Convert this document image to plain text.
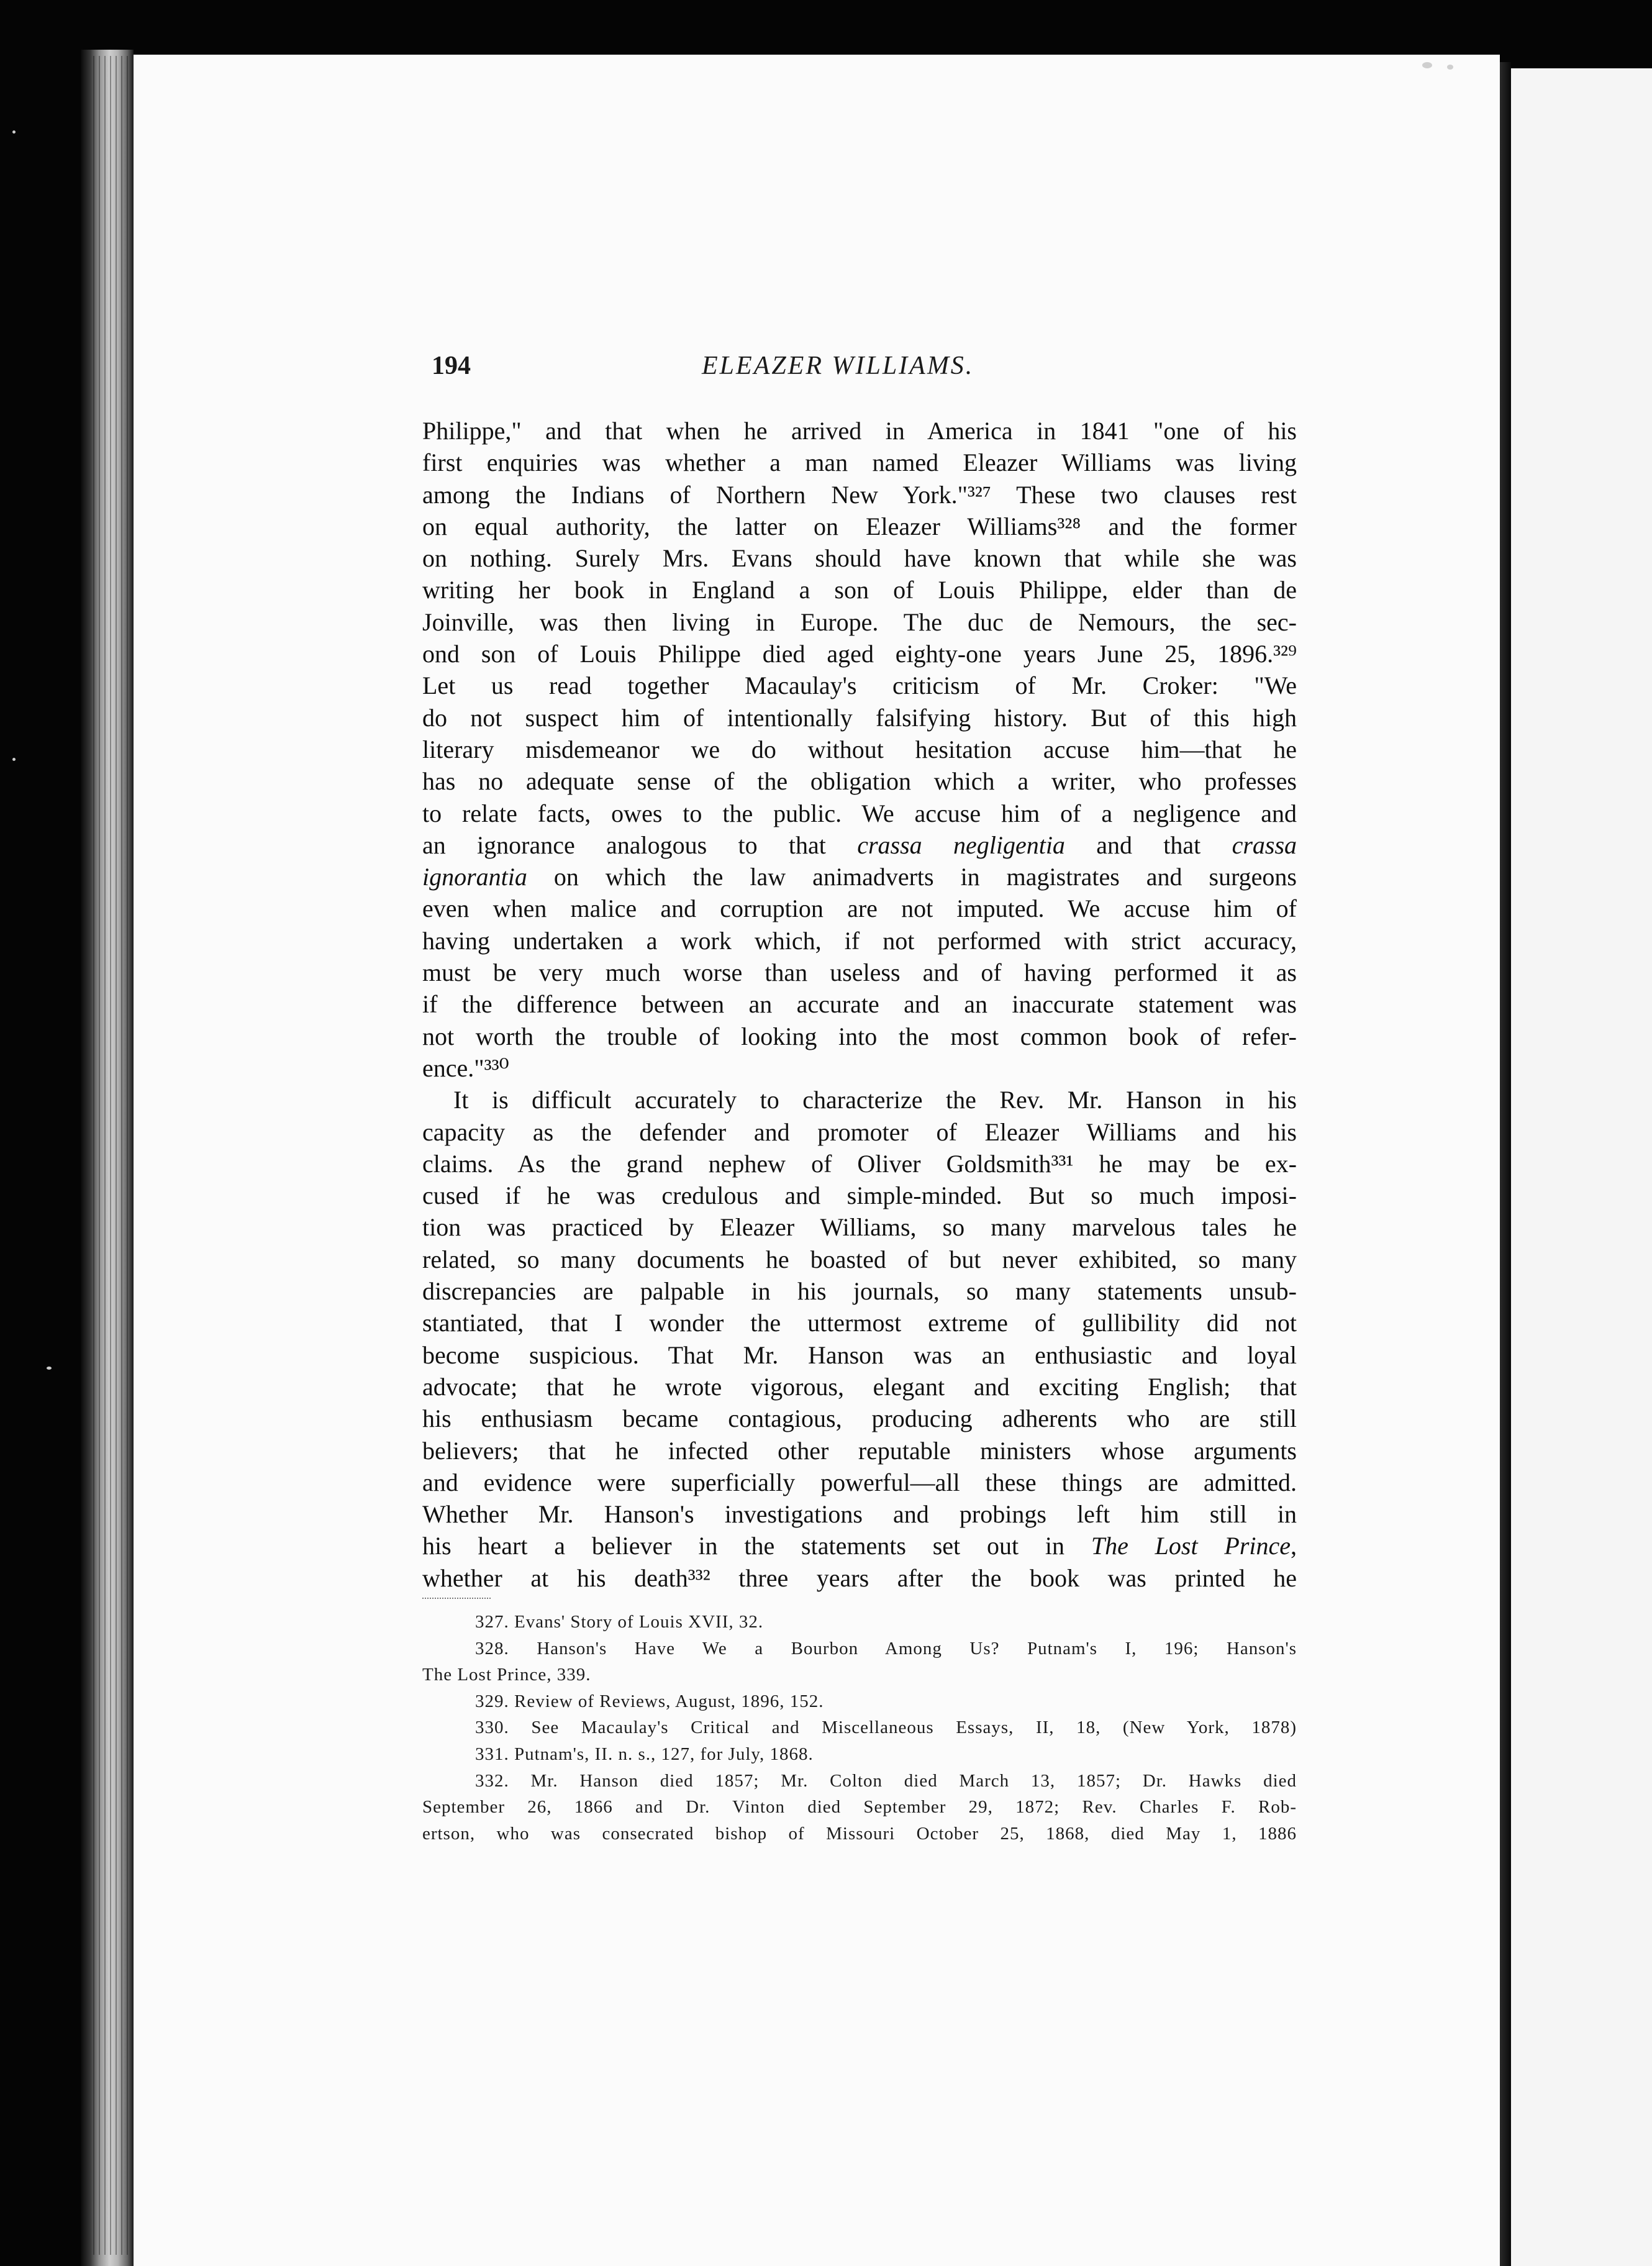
194	ELEAZER WILLIAMS.
Philippe," and that when he arrived in America in 1841 "one of his
first enquiries was whether a man named Eleazer Williams was living
among the Indians of Northern New York."³²⁷ These two clauses rest
on equal authority, the latter on Eleazer Williams³²⁸ and the former
on nothing. Surely Mrs. Evans should have known that while she was
writing her book in England a son of Louis Philippe, elder than de
Joinville, was then living in Europe. The duc de Nemours, the sec-
ond son of Louis Philippe died aged eighty-one years June 25, 1896.³²⁹
Let us read together Macaulay's criticism of Mr. Croker: "We
do not suspect him of intentionally falsifying history. But of this high
literary misdemeanor we do without hesitation accuse him—that he
has no adequate sense of the obligation which a writer, who professes
to relate facts, owes to the public. We accuse him of a negligence and
an ignorance analogous to that crassa negligentia and that crassa
ignorantia on which the law animadverts in magistrates and surgeons
even when malice and corruption are not imputed. We accuse him of
having undertaken a work which, if not performed with strict accuracy,
must be very much worse than useless and of having performed it as
if the difference between an accurate and an inaccurate statement was
not worth the trouble of looking into the most common book of refer-
ence."³³⁰
It is difficult accurately to characterize the Rev. Mr. Hanson in his
capacity as the defender and promoter of Eleazer Williams and his
claims. As the grand nephew of Oliver Goldsmith³³¹ he may be ex-
cused if he was credulous and simple-minded. But so much imposi-
tion was practiced by Eleazer Williams, so many marvelous tales he
related, so many documents he boasted of but never exhibited, so many
discrepancies are palpable in his journals, so many statements unsub-
stantiated, that I wonder the uttermost extreme of gullibility did not
become suspicious. That Mr. Hanson was an enthusiastic and loyal
advocate; that he wrote vigorous, elegant and exciting English; that
his enthusiasm became contagious, producing adherents who are still
believers; that he infected other reputable ministers whose arguments
and evidence were superficially powerful—all these things are admitted.
Whether Mr. Hanson's investigations and probings left him still in
his heart a believer in the statements set out in The Lost Prince,
whether at his death³³² three years after the book was printed he
327. Evans' Story of Louis XVII, 32.
328. Hanson's Have We a Bourbon Among Us? Putnam's I, 196; Hanson's
The Lost Prince, 339.
329. Review of Reviews, August, 1896, 152.
330. See Macaulay's Critical and Miscellaneous Essays, II, 18, (New York, 1878)
331. Putnam's, II. n. s., 127, for July, 1868.
332. Mr. Hanson died 1857; Mr. Colton died March 13, 1857; Dr. Hawks died
September 26, 1866 and Dr. Vinton died September 29, 1872; Rev. Charles F. Rob-
ertson, who was consecrated bishop of Missouri October 25, 1868, died May 1, 1886
